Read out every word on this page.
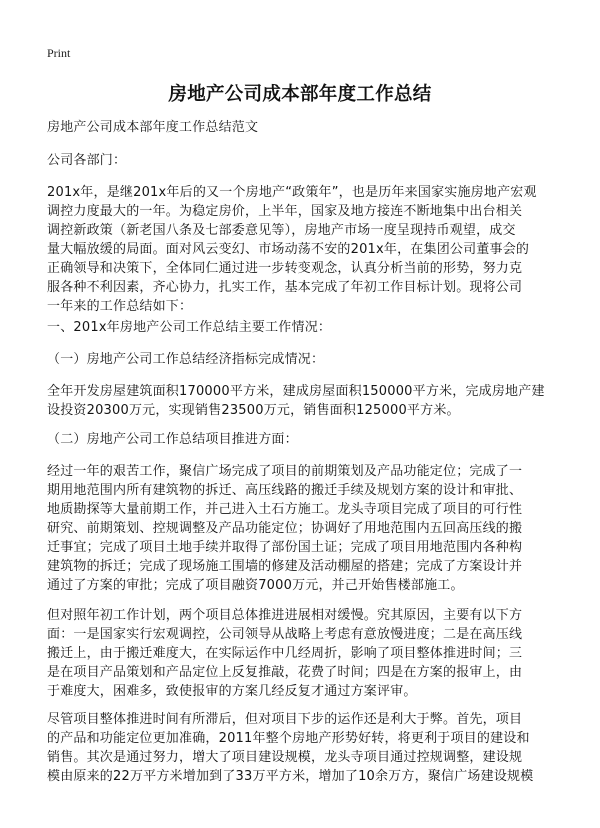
Print
房地产公司成本部年度工作总结
房地产公司成本部年度工作总结范文
公司各部门：
201x年，是继201x年后的又一个房地产“政策年”，也是历年来国家实施房地产宏观
调控力度最大的一年。为稳定房价，上半年，国家及地方接连不断地集中出台相关
调控新政策（新老国八条及七部委意见等），房地产市场一度呈现持币观望，成交
量大幅放缓的局面。面对风云变幻、市场动荡不安的201x年，在集团公司董事会的
正确领导和决策下，全体同仁通过进一步转变观念，认真分析当前的形势，努力克
服各种不利因素，齐心协力，扎实工作，基本完成了年初工作目标计划。现将公司
一年来的工作总结如下：
一、201x年房地产公司工作总结主要工作情况：
（一）房地产公司工作总结经济指标完成情况：
全年开发房屋建筑面积170000平方米，建成房屋面积150000平方米，完成房地产建
设投资20300万元，实现销售23500万元，销售面积125000平方米。
（二）房地产公司工作总结项目推进方面：
经过一年的艰苦工作，聚信广场完成了项目的前期策划及产品功能定位；完成了一
期用地范围内所有建筑物的拆迁、高压线路的搬迁手续及规划方案的设计和审批、
地质勘探等大量前期工作，并己进入土石方施工。龙头寺项目完成了项目的可行性
研究、前期策划、控规调整及产品功能定位；协调好了用地范围内五回高压线的搬
迁事宜；完成了项目土地手续并取得了部份国土证；完成了项目用地范围内各种构
建筑物的拆迁；完成了现场施工围墙的修建及活动棚屋的搭建；完成了方案设计并
通过了方案的审批；完成了项目融资7000万元，并己开始售楼部施工。
但对照年初工作计划，两个项目总体推进进展相对缓慢。究其原因，主要有以下方
面：一是国家实行宏观调控，公司领导从战略上考虑有意放慢进度；二是在高压线
搬迁上，由于搬迁难度大，在实际运作中几经周折，影响了项目整体推进时间；三
是在项目产品策划和产品定位上反复推敲，花费了时间；四是在方案的报审上，由
于难度大，困难多，致使报审的方案几经反复才通过方案评审。
尽管项目整体推进时间有所滞后，但对项目下步的运作还是利大于弊。首先，项目
的产品和功能定位更加准确，2011年整个房地产形势好转，将更利于项目的建设和
销售。其次是通过努力，增大了项目建设规模，龙头寺项目通过控规调整，建设规
模由原来的22万平方米增加到了33万平方米，增加了10余万方，聚信广场建设规模
